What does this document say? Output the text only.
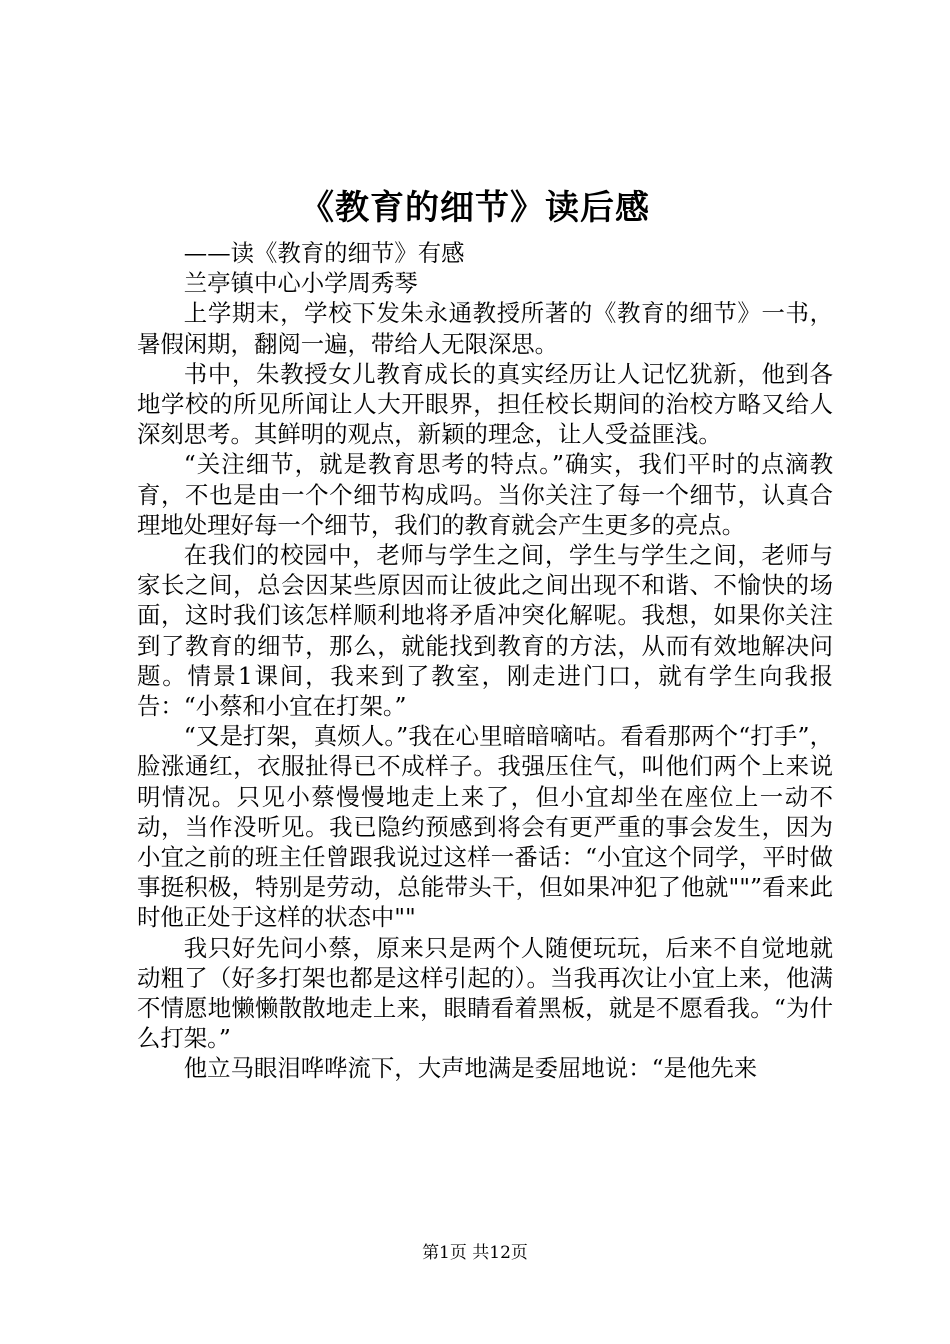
《教育的细节》读后感

——读《教育的细节》有感

兰亭镇中心小学周秀琴

上学期末，学校下发朱永通教授所著的《教育的细节》一书，暑假闲期，翻阅一遍，带给人无限深思。

书中，朱教授女儿教育成长的真实经历让人记忆犹新，他到各地学校的所见所闻让人大开眼界，担任校长期间的治校方略又给人深刻思考。其鲜明的观点，新颖的理念，让人受益匪浅。

“关注细节，就是教育思考的特点。”确实，我们平时的点滴教育，不也是由一个个细节构成吗。当你关注了每一个细节，认真合理地处理好每一个细节，我们的教育就会产生更多的亮点。

在我们的校园中，老师与学生之间，学生与学生之间，老师与家长之间，总会因某些原因而让彼此之间出现不和谐、不愉快的场面，这时我们该怎样顺利地将矛盾冲突化解呢。我想，如果你关注到了教育的细节，那么，就能找到教育的方法，从而有效地解决问题。情景1课间，我来到了教室，刚走进门口，就有学生向我报告：“小蔡和小宜在打架。”

“又是打架，真烦人。”我在心里暗暗嘀咕。看看那两个“打手”，脸涨通红，衣服扯得已不成样子。我强压住气，叫他们两个上来说明情况。只见小蔡慢慢地走上来了，但小宜却坐在座位上一动不动，当作没听见。我已隐约预感到将会有更严重的事会发生，因为小宜之前的班主任曾跟我说过这样一番话：“小宜这个同学，平时做事挺积极，特别是劳动，总能带头干，但如果冲犯了他就""”看来此时他正处于这样的状态中""

我只好先问小蔡，原来只是两个人随便玩玩，后来不自觉地就动粗了（好多打架也都是这样引起的）。当我再次让小宜上来，他满不情愿地懒懒散散地走上来，眼睛看着黑板，就是不愿看我。“为什么打架。”

他立马眼泪哗哗流下，大声地满是委屈地说：“是他先来

第1页 共12页
